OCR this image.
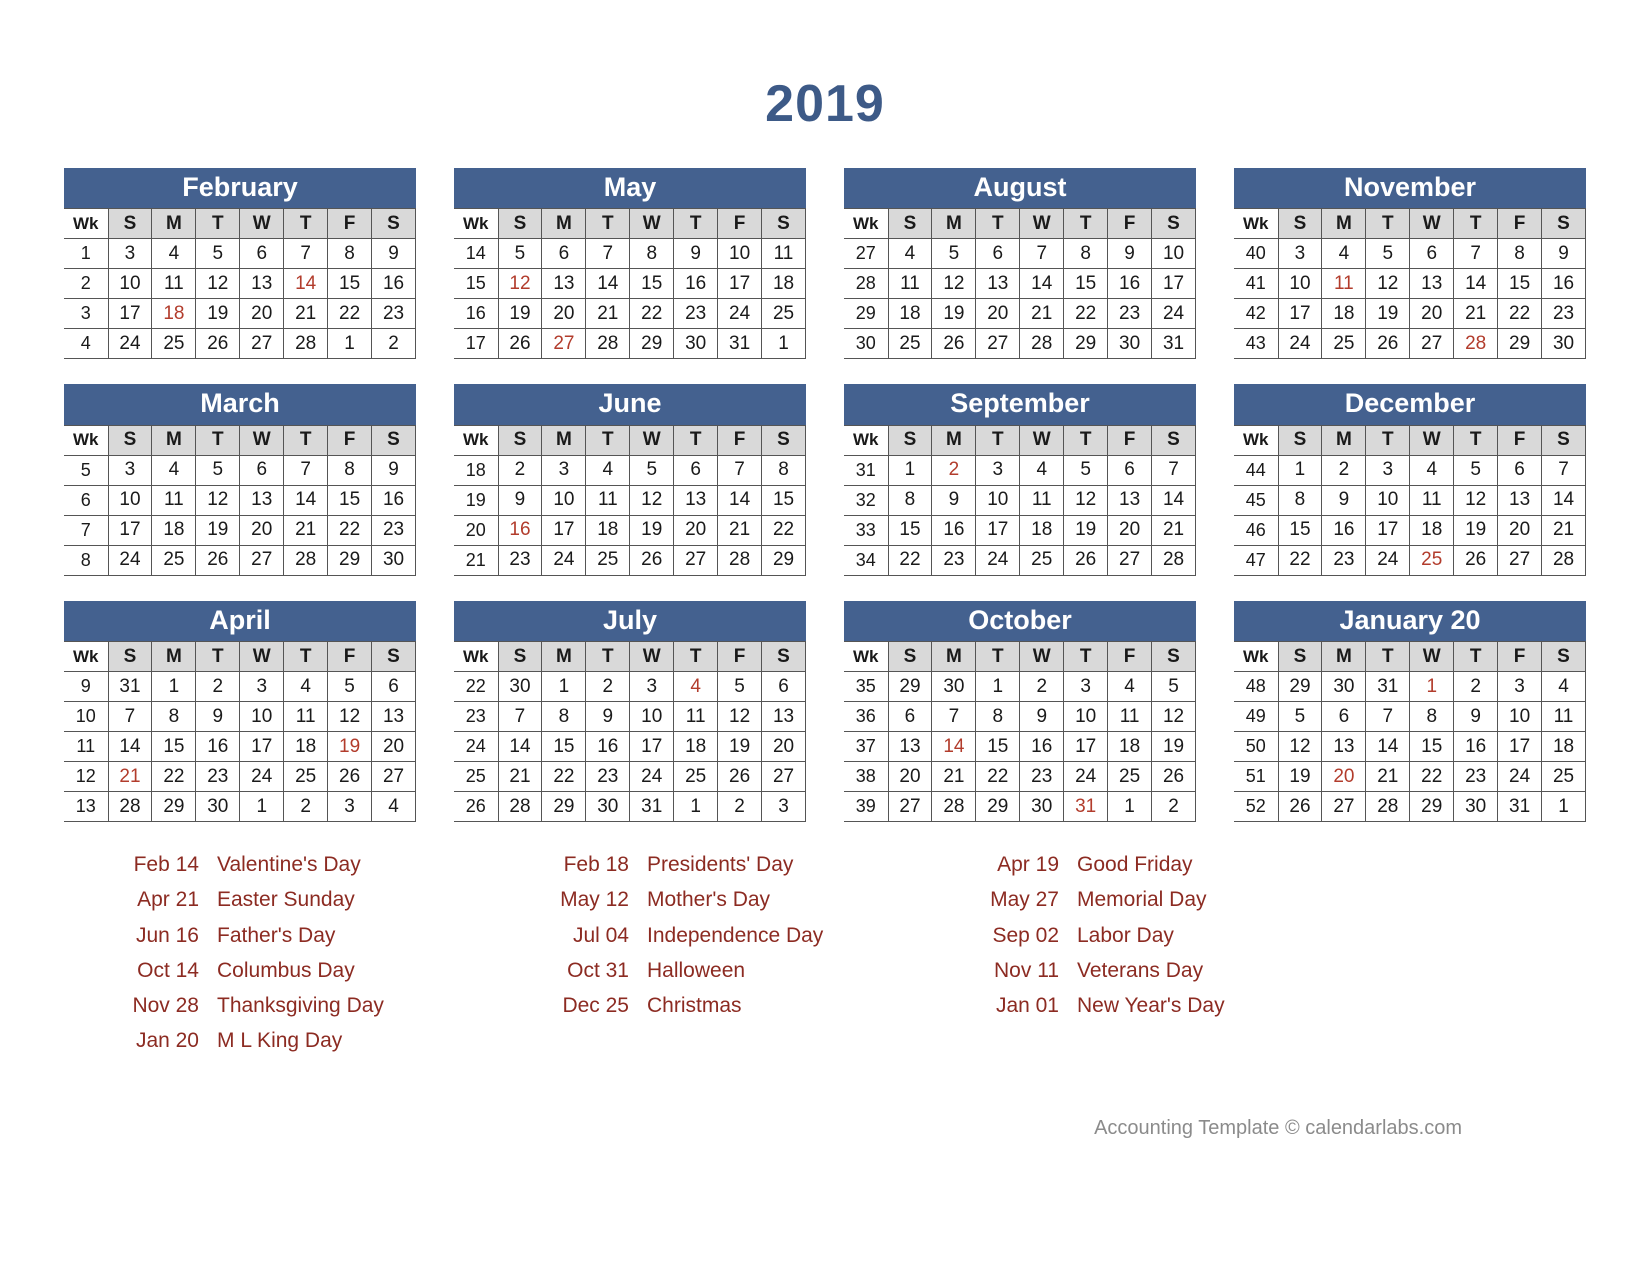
2019
February
Wk	S	M	T	W	T	F	S
1	3	4	5	6	7	8	9
2	10	11	12	13	14	15	16
3	17	18	19	20	21	22	23
4	24	25	26	27	28	1	2
May
Wk	S	M	T	W	T	F	S
14	5	6	7	8	9	10	11
15	12	13	14	15	16	17	18
16	19	20	21	22	23	24	25
17	26	27	28	29	30	31	1
August
Wk	S	M	T	W	T	F	S
27	4	5	6	7	8	9	10
28	11	12	13	14	15	16	17
29	18	19	20	21	22	23	24
30	25	26	27	28	29	30	31
November
Wk	S	M	T	W	T	F	S
40	3	4	5	6	7	8	9
41	10	11	12	13	14	15	16
42	17	18	19	20	21	22	23
43	24	25	26	27	28	29	30
March
Wk	S	M	T	W	T	F	S
5	3	4	5	6	7	8	9
6	10	11	12	13	14	15	16
7	17	18	19	20	21	22	23
8	24	25	26	27	28	29	30
June
Wk	S	M	T	W	T	F	S
18	2	3	4	5	6	7	8
19	9	10	11	12	13	14	15
20	16	17	18	19	20	21	22
21	23	24	25	26	27	28	29
September
Wk	S	M	T	W	T	F	S
31	1	2	3	4	5	6	7
32	8	9	10	11	12	13	14
33	15	16	17	18	19	20	21
34	22	23	24	25	26	27	28
December
Wk	S	M	T	W	T	F	S
44	1	2	3	4	5	6	7
45	8	9	10	11	12	13	14
46	15	16	17	18	19	20	21
47	22	23	24	25	26	27	28
April
Wk	S	M	T	W	T	F	S
9	31	1	2	3	4	5	6
10	7	8	9	10	11	12	13
11	14	15	16	17	18	19	20
12	21	22	23	24	25	26	27
13	28	29	30	1	2	3	4
July
Wk	S	M	T	W	T	F	S
22	30	1	2	3	4	5	6
23	7	8	9	10	11	12	13
24	14	15	16	17	18	19	20
25	21	22	23	24	25	26	27
26	28	29	30	31	1	2	3
October
Wk	S	M	T	W	T	F	S
35	29	30	1	2	3	4	5
36	6	7	8	9	10	11	12
37	13	14	15	16	17	18	19
38	20	21	22	23	24	25	26
39	27	28	29	30	31	1	2
January 20
Wk	S	M	T	W	T	F	S
48	29	30	31	1	2	3	4
49	5	6	7	8	9	10	11
50	12	13	14	15	16	17	18
51	19	20	21	22	23	24	25
52	26	27	28	29	30	31	1
Feb 14 Valentine's Day
Apr 21 Easter Sunday
Jun 16 Father's Day
Oct 14 Columbus Day
Nov 28 Thanksgiving Day
Jan 20 M L King Day
Feb 18 Presidents' Day
May 12 Mother's Day
Jul 04 Independence Day
Oct 31 Halloween
Dec 25 Christmas
Apr 19 Good Friday
May 27 Memorial Day
Sep 02 Labor Day
Nov 11 Veterans Day
Jan 01 New Year's Day
Accounting Template © calendarlabs.com
